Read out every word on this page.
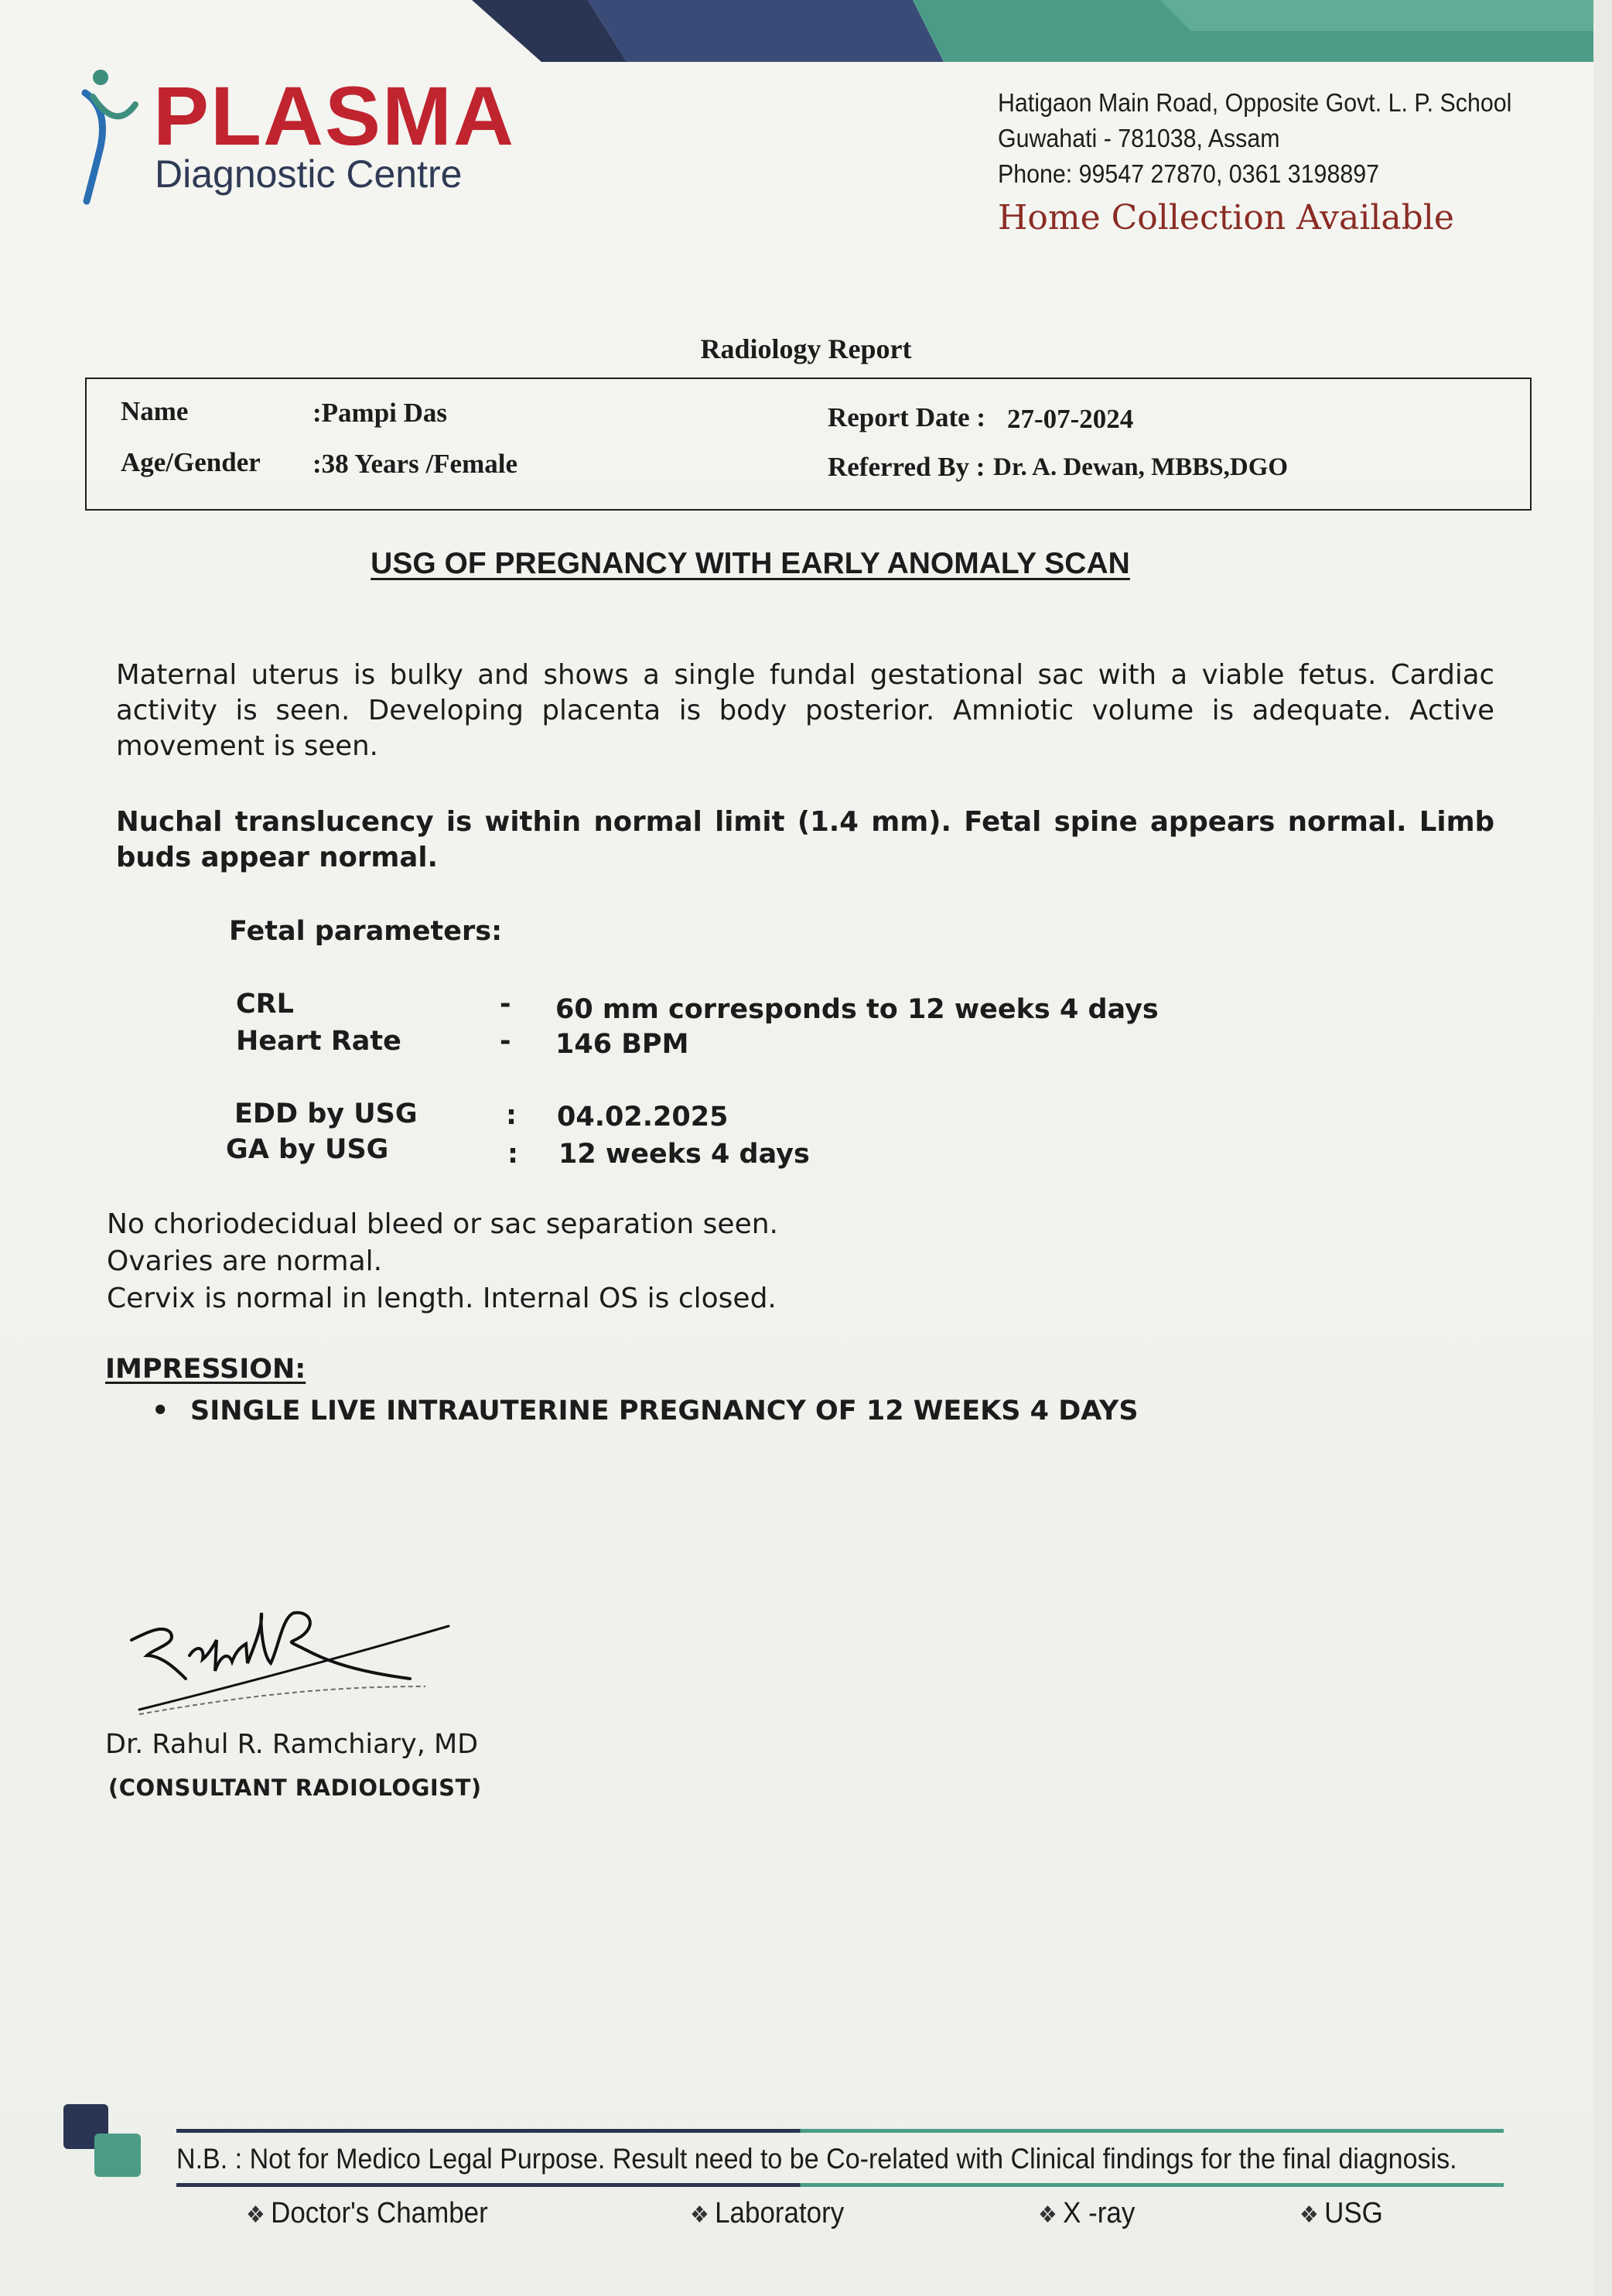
PLASMA
Diagnostic Centre
Hatigaon Main Road, Opposite Govt. L. P. School
Guwahati - 781038, Assam
Phone: 99547 27870, 0361 3198897
Home Collection Available
Radiology Report
Name	:Pampi Das
Age/Gender :38 Years /Female
Report Date : 27-07-2024
Referred By : Dr. A. Dewan, MBBS,DGO
USG OF PREGNANCY WITH EARLY ANOMALY SCAN
Maternal uterus is bulky and shows a single fundal gestational sac with a viable fetus. Cardiac activity is seen. Developing placenta is body posterior. Amniotic volume is adequate. Active movement is seen.
Nuchal translucency is within normal limit (1.4 mm). Fetal spine appears normal. Limb buds appear normal.
Fetal parameters:
CRL	- 60 mm corresponds to 12 weeks 4 days
Heart Rate	- 146 BPM
EDD by USG	: 04.02.2025
GA by USG	: 12 weeks 4 days
No choriodecidual bleed or sac separation seen.
Ovaries are normal.
Cervix is normal in length. Internal OS is closed.
IMPRESSION:
• SINGLE LIVE INTRAUTERINE PREGNANCY OF 12 WEEKS 4 DAYS
Dr. Rahul R. Ramchiary, MD
(CONSULTANT RADIOLOGIST)
N.B. : Not for Medico Legal Purpose. Result need to be Co-related with Clinical findings for the final diagnosis.
❖ Doctor's Chamber	❖ Laboratory	❖ X -ray	❖ USG
